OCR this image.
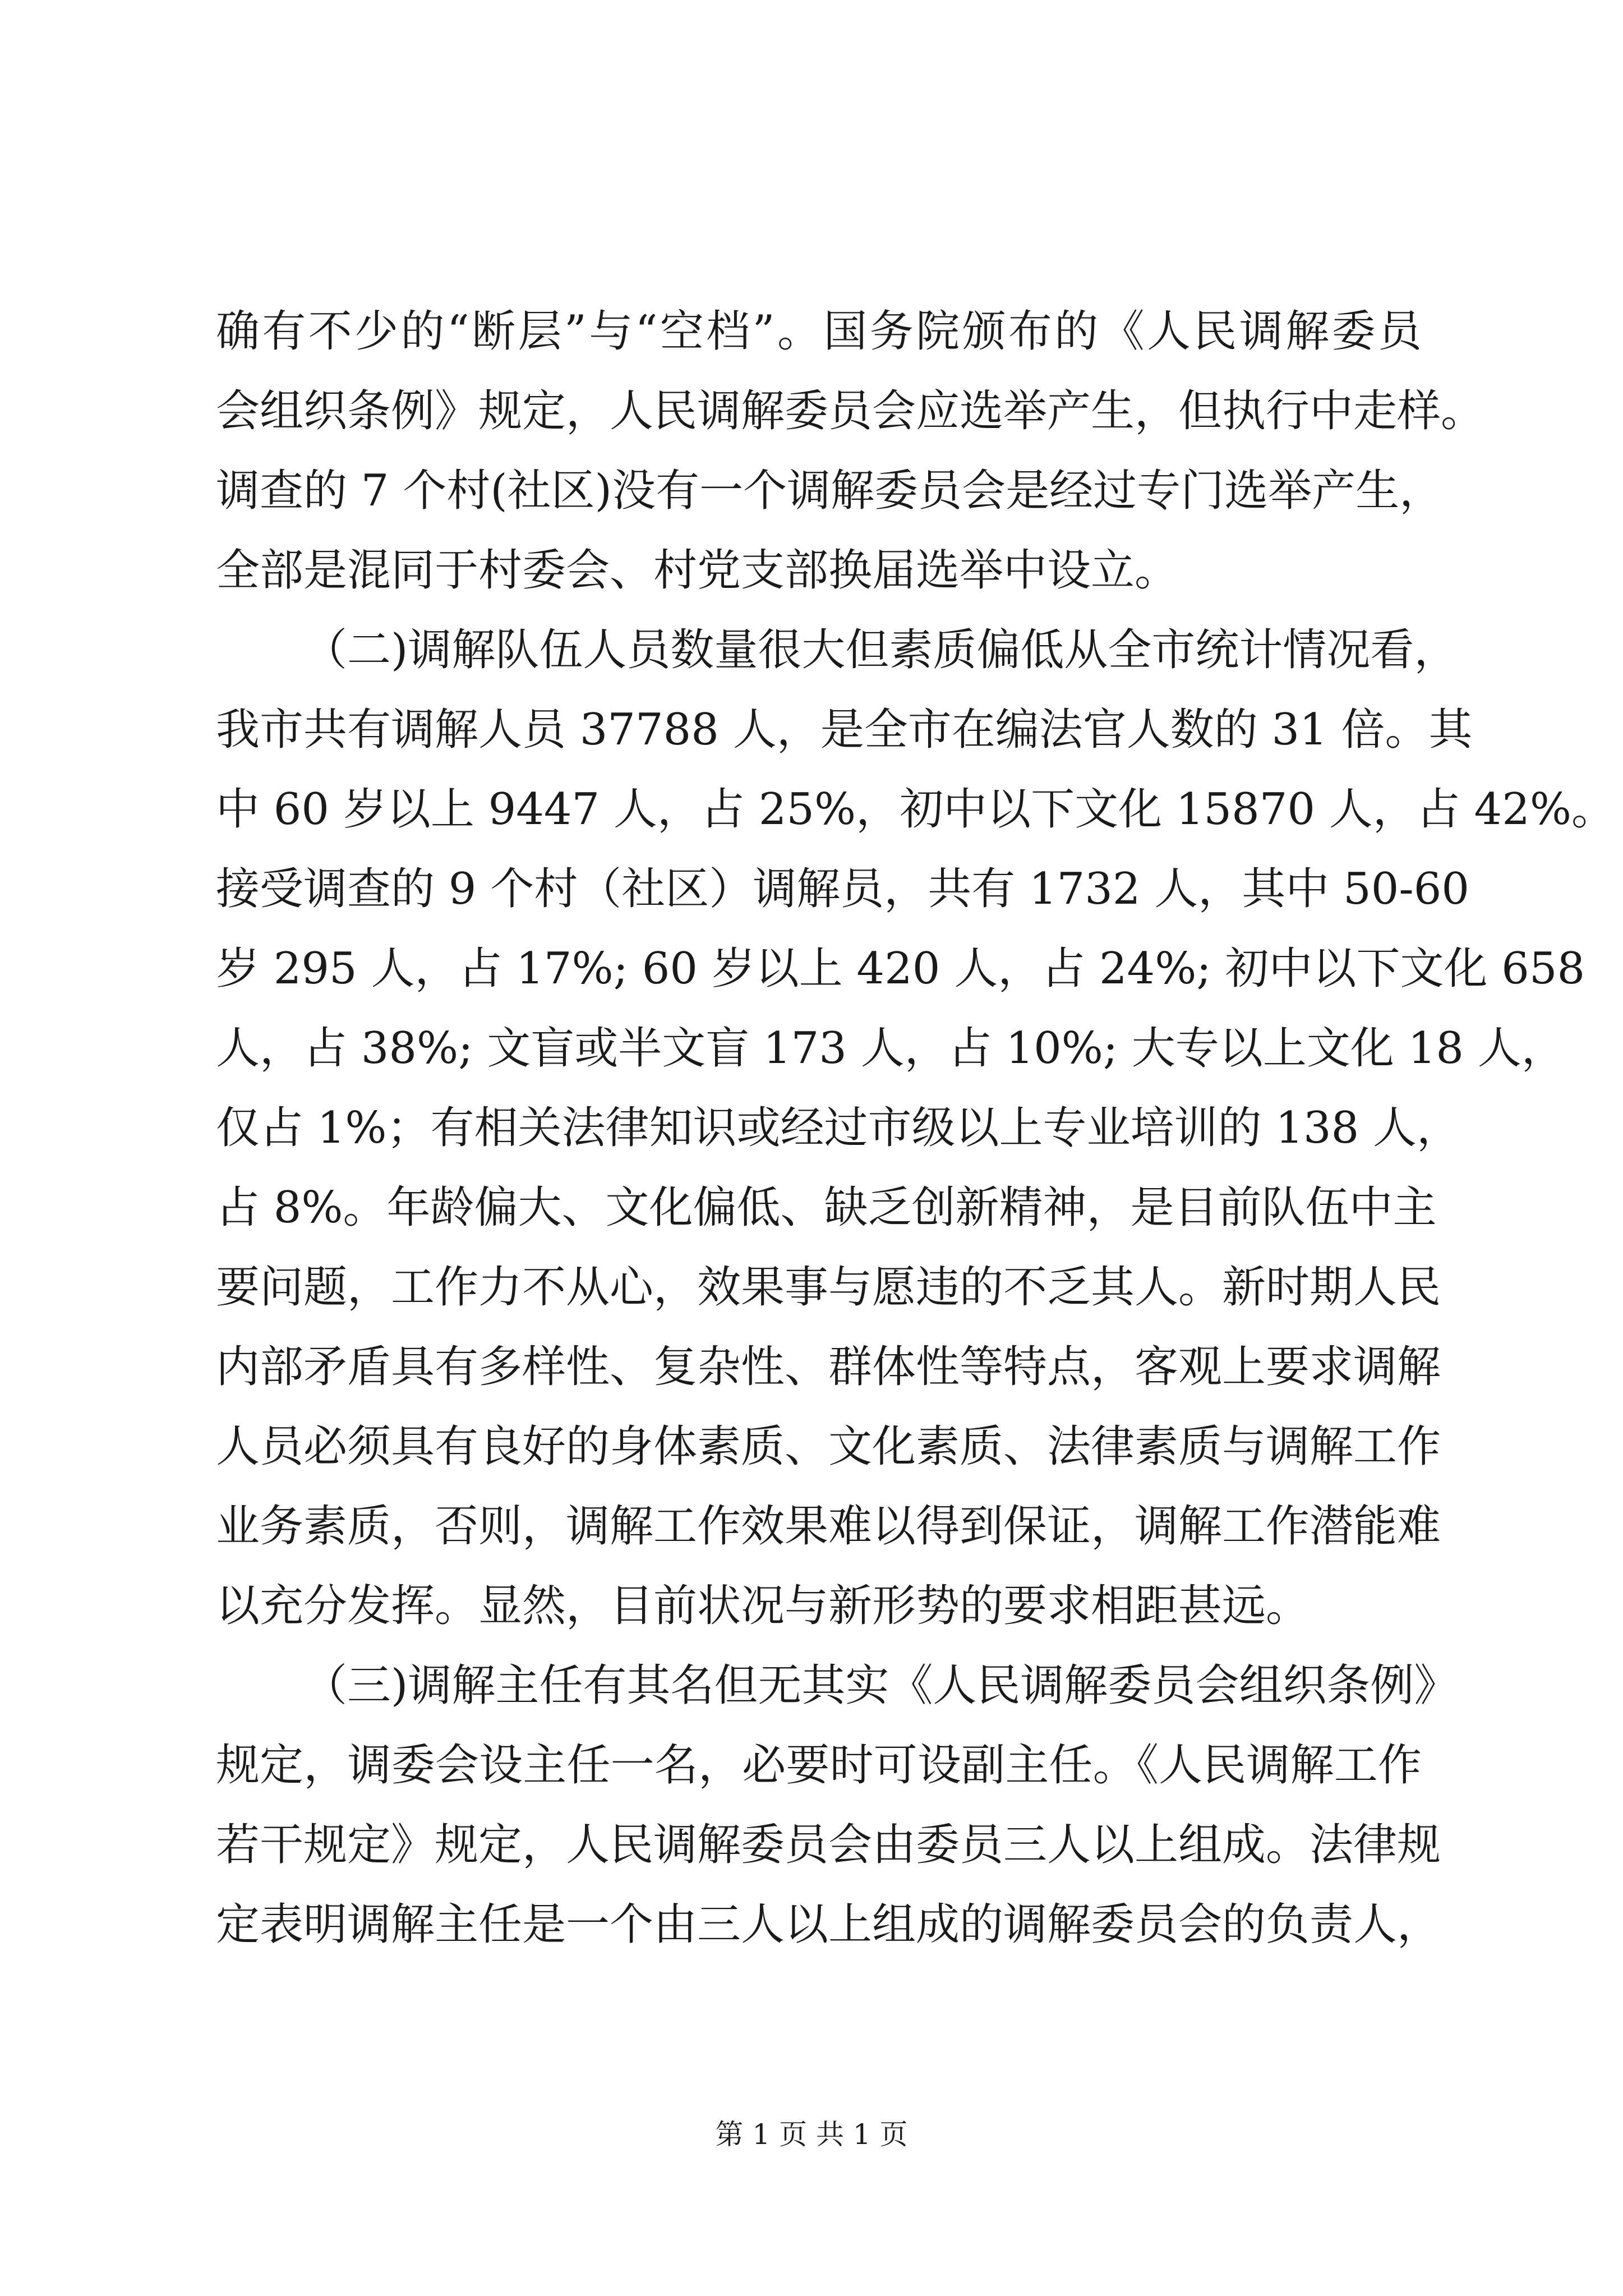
确有不少的“断层”与“空档”。国务院颁布的《人民调解委员
会组织条例》规定，人民调解委员会应选举产生，但执行中走样。
调查的 7 个村(社区)没有一个调解委员会是经过专门选举产生，
全部是混同于村委会、村党支部换届选举中设立。
（二)调解队伍人员数量很大但素质偏低从全市统计情况看，
我市共有调解人员 37788 人，是全市在编法官人数的 31 倍。其
中 60 岁以上 9447 人，占 25%，初中以下文化 15870 人，占 42%。
接受调查的 9 个村（社区）调解员，共有 1732 人，其中 50-60
岁 295 人，占 17%; 60 岁以上 420 人，占 24%; 初中以下文化 658
人，占 38%; 文盲或半文盲 173 人，占 10%; 大专以上文化 18 人，
仅占 1%；有相关法律知识或经过市级以上专业培训的 138 人，
占 8%。年龄偏大、文化偏低、缺乏创新精神，是目前队伍中主
要问题，工作力不从心，效果事与愿违的不乏其人。新时期人民
内部矛盾具有多样性、复杂性、群体性等特点，客观上要求调解
人员必须具有良好的身体素质、文化素质、法律素质与调解工作
业务素质，否则，调解工作效果难以得到保证，调解工作潜能难
以充分发挥。显然，目前状况与新形势的要求相距甚远。
（三)调解主任有其名但无其实《人民调解委员会组织条例》
规定，调委会设主任一名，必要时可设副主任。《人民调解工作
若干规定》规定，人民调解委员会由委员三人以上组成。法律规
定表明调解主任是一个由三人以上组成的调解委员会的负责人，
第 1 页 共 1 页
